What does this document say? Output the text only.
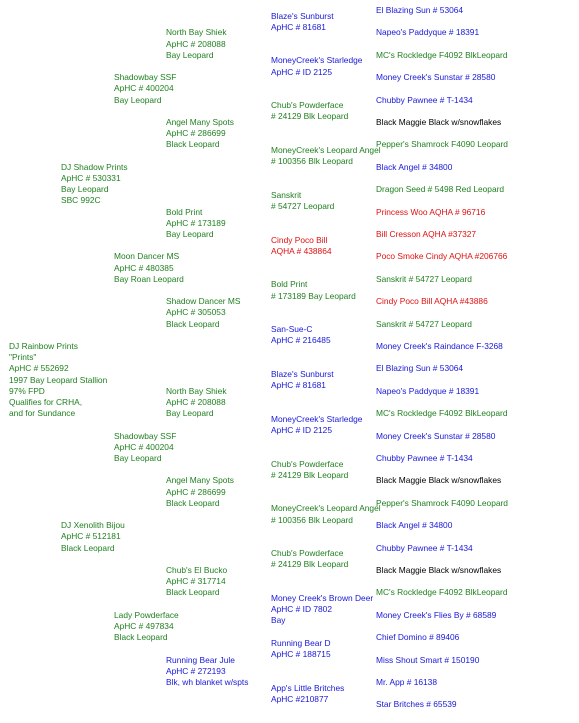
El Blazing Sun # 53064
Napeo's Paddyque # 18391
MC's Rockledge F4092 BlkLeopard
Money Creek's Sunstar # 28580
Chubby Pawnee # T-1434
Black Maggie Black w/snowflakes
Pepper's Shamrock F4090 Leopard
Black Angel # 34800
Dragon Seed # 5498 Red Leopard
Princess Woo AQHA # 96716
Bill Cresson AQHA #37327
Poco Smoke Cindy AQHA #206766
Sanskrit # 54727 Leopard
Cindy Poco Bill AQHA #43886
Sanskrit # 54727 Leopard
Money Creek's Raindance F-3268
El Blazing Sun # 53064
Napeo's Paddyque # 18391
MC's Rockledge F4092 BlkLeopard
Money Creek's Sunstar # 28580
Chubby Pawnee # T-1434
Black Maggie Black w/snowflakes
Pepper's Shamrock F4090 Leopard
Black Angel # 34800
Chubby Pawnee # T-1434
Black Maggie Black w/snowflakes
MC's Rockledge F4092 BlkLeopard
Money Creek's Flies By # 68589
Chief Domino # 89406
Miss Shout Smart # 150190
Mr. App # 16138
Star Britches # 65539
Blaze's Sunburst
ApHC # 81681
MoneyCreek's Starledge
ApHC # ID 2125
Chub's Powderface
# 24129 Blk Leopard
MoneyCreek's Leopard Angel
# 100356 Blk Leopard
Sanskrit
# 54727 Leopard
Cindy Poco Bill
AQHA # 438864
Bold Print
# 173189 Bay Leopard
San-Sue-C
ApHC # 216485
Blaze's Sunburst
ApHC # 81681
MoneyCreek's Starledge
ApHC # ID 2125
Chub's Powderface
# 24129 Blk Leopard
MoneyCreek's Leopard Angel
# 100356 Blk Leopard
Chub's Powderface
# 24129 Blk Leopard
Money Creek's Brown Deer
ApHC # ID 7802
Bay
Running Bear D
ApHC # 188715
App's Little Britches
ApHC #210877
North Bay Shiek
ApHC # 208088
Bay Leopard
Angel Many Spots
ApHC # 286699
Black Leopard
Bold Print
ApHC # 173189
Bay Leopard
Shadow Dancer MS
ApHC # 305053
Black Leopard
North Bay Shiek
ApHC # 208088
Bay Leopard
Angel Many Spots
ApHC # 286699
Black Leopard
Chub's El Bucko
ApHC # 317714
Black Leopard
Running Bear Jule
ApHC # 272193
Blk, wh blanket w/spts
Shadowbay SSF
ApHC # 400204
Bay Leopard
Moon Dancer MS
ApHC # 480385
Bay Roan Leopard
Shadowbay SSF
ApHC # 400204
Bay Leopard
Lady Powderface
ApHC # 497834
Black Leopard
DJ Shadow Prints
ApHC # 530331
Bay Leopard
SBC 992C
DJ Xenolith Bijou
ApHC # 512181
Black Leopard
DJ Rainbow Prints
"Prints"
ApHC # 552692
1997 Bay Leopard Stallion
97% FPD
Qualifies for CRHA,
and for Sundance
